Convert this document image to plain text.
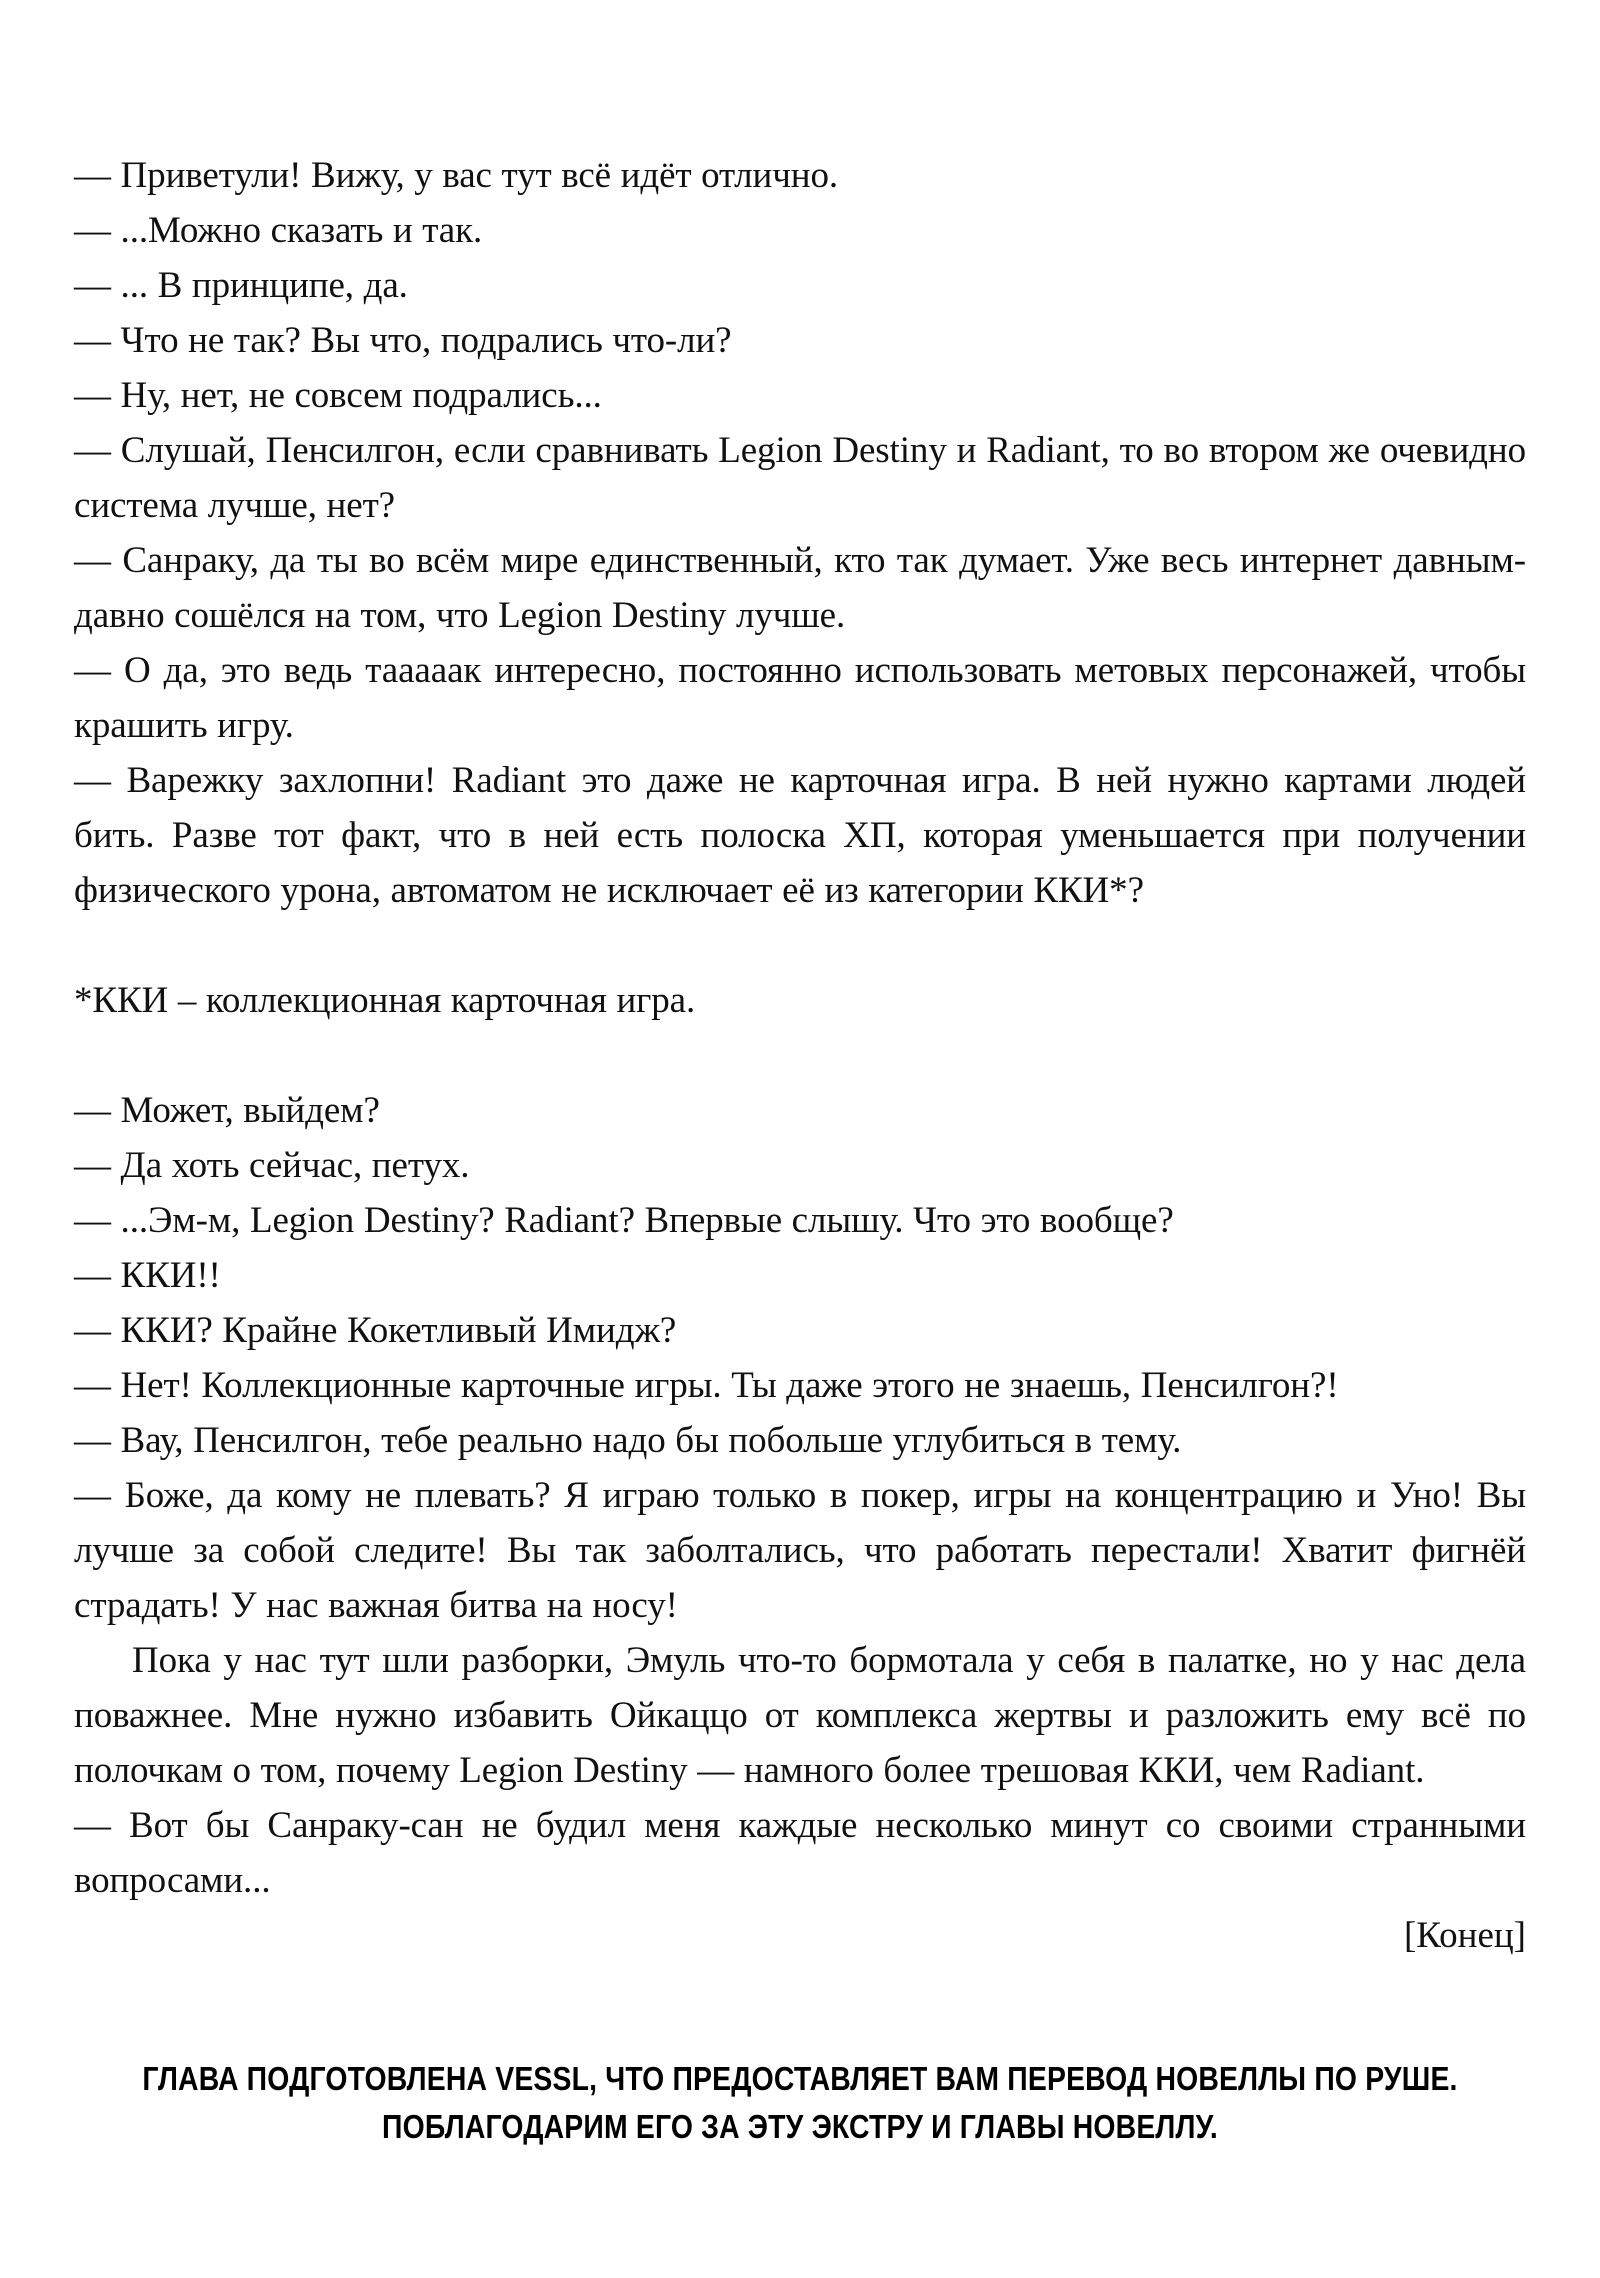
— Приветули! Вижу, у вас тут всё идёт отлично.

— ...Можно сказать и так.

— ... В принципе, да.

— Что не так? Вы что, подрались что-ли?

— Ну, нет, не совсем подрались...

— Слушай, Пенсилгон, если сравнивать Legion Destiny и Radiant, то во втором же очевидно система лучше, нет?

— Санраку, да ты во всём мире единственный, кто так думает. Уже весь интернет давным-давно сошёлся на том, что Legion Destiny лучше.

— О да, это ведь тааааак интересно, постоянно использовать метовых персонажей, чтобы крашить игру.

— Варежку захлопни! Radiant это даже не карточная игра. В ней нужно картами людей бить. Разве тот факт, что в ней есть полоска ХП, которая уменьшается при получении физического урона, автоматом не исключает её из категории ККИ*?

*ККИ – коллекционная карточная игра.

— Может, выйдем?

— Да хоть сейчас, петух.

— ...Эм-м, Legion Destiny? Radiant? Впервые слышу. Что это вообще?

— ККИ!!

— ККИ? Крайне Кокетливый Имидж?

— Нет! Коллекционные карточные игры. Ты даже этого не знаешь, Пенсилгон?!

— Вау, Пенсилгон, тебе реально надо бы побольше углубиться в тему.

— Боже, да кому не плевать? Я играю только в покер, игры на концентрацию и Уно! Вы лучше за собой следите! Вы так заболтались, что работать перестали! Хватит фигнёй страдать! У нас важная битва на носу!

Пока у нас тут шли разборки, Эмуль что-то бормотала у себя в палатке, но у нас дела поважнее. Мне нужно избавить Ойкаццо от комплекса жертвы и разложить ему всё по полочкам о том, почему Legion Destiny — намного более трешовая ККИ, чем Radiant.

— Вот бы Санраку-сан не будил меня каждые несколько минут со своими странными вопросами...

[Конец]

ГЛАВА ПОДГОТОВЛЕНА VESSL, ЧТО ПРЕДОСТАВЛЯЕТ ВАМ ПЕРЕВОД НОВЕЛЛЫ ПО РУШЕ.
ПОБЛАГОДАРИМ ЕГО ЗА ЭТУ ЭКСТРУ И ГЛАВЫ НОВЕЛЛУ.
